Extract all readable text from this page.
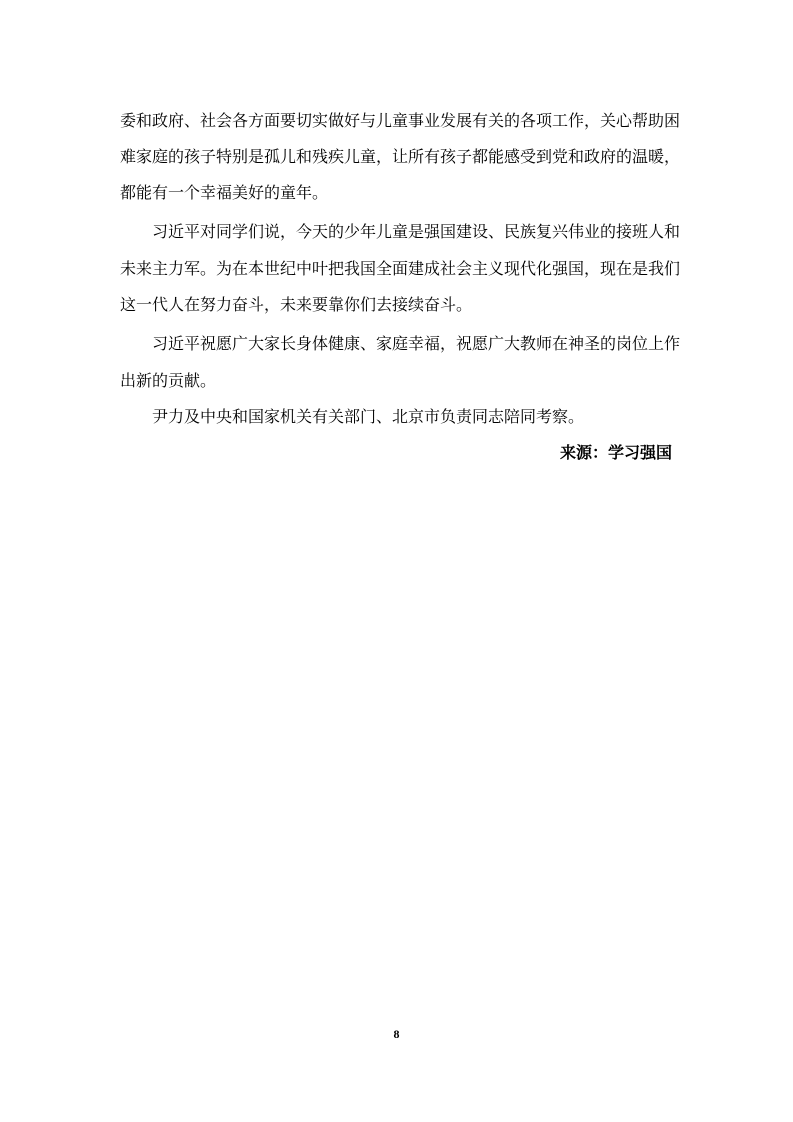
委和政府、社会各方面要切实做好与儿童事业发展有关的各项工作，关心帮助困
难家庭的孩子特别是孤儿和残疾儿童，让所有孩子都能感受到党和政府的温暖，
都能有一个幸福美好的童年。
习近平对同学们说，今天的少年儿童是强国建设、民族复兴伟业的接班人和
未来主力军。为在本世纪中叶把我国全面建成社会主义现代化强国，现在是我们
这一代人在努力奋斗，未来要靠你们去接续奋斗。
习近平祝愿广大家长身体健康、家庭幸福，祝愿广大教师在神圣的岗位上作
出新的贡献。
尹力及中央和国家机关有关部门、北京市负责同志陪同考察。
来源：学习强国
8
